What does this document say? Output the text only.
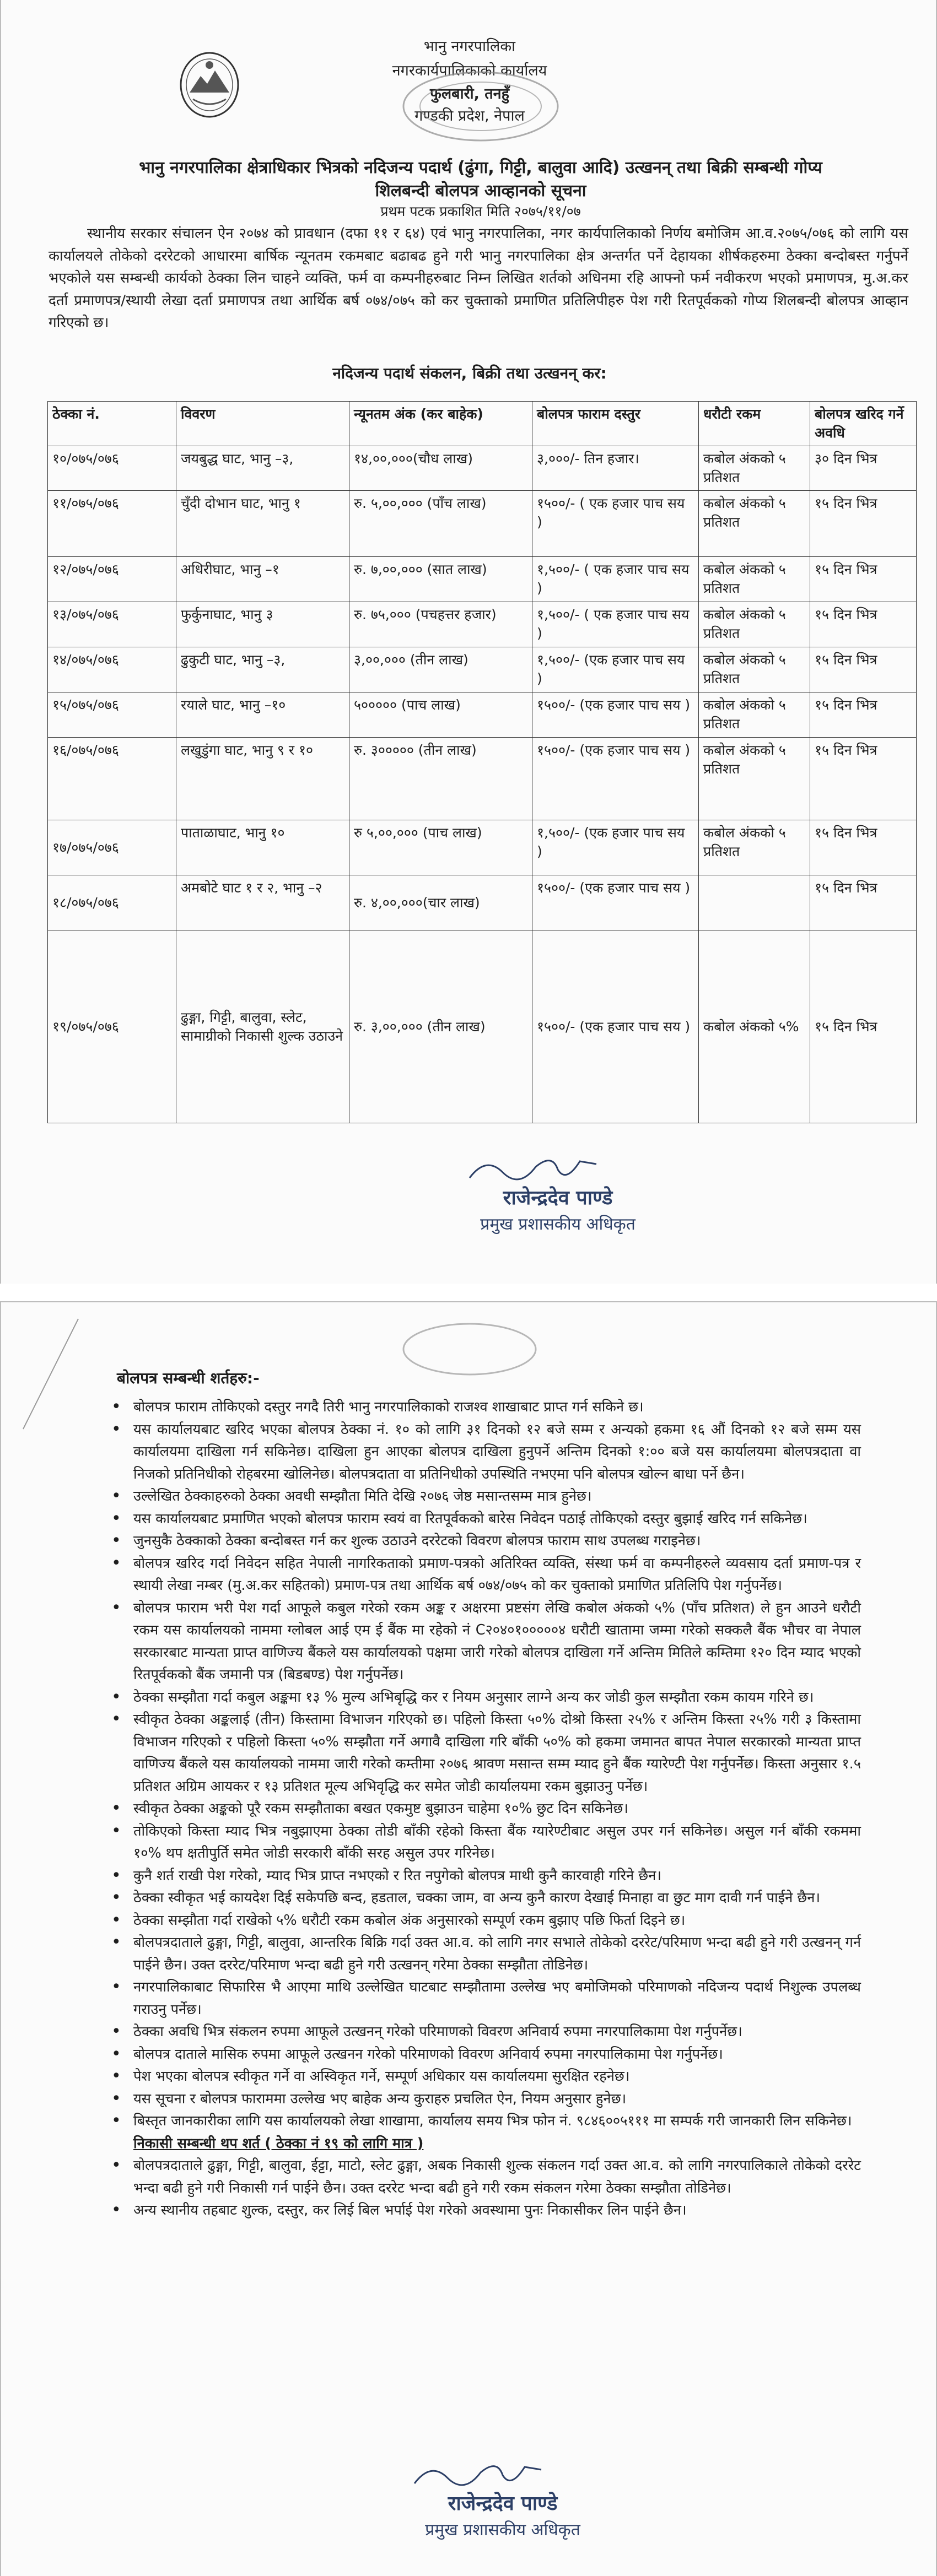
भानु नगरपालिका
नगरकार्यपालिकाको कार्यालय
फुलबारी, तनहुँ
गण्डकी प्रदेश, नेपाल
भानु नगरपालिका क्षेत्राधिकार भित्रको नदिजन्य पदार्थ (ढुंगा, गिट्टी, बालुवा आदि) उत्खनन् तथा बिक्री सम्बन्धी गोप्य
शिलबन्दी बोलपत्र आव्हानको सूचना
प्रथम पटक प्रकाशित मिति २०७५/११/०७

स्थानीय सरकार संचालन ऐन २०७४ को प्रावधान (दफा ११ र ६४) एवं भानु नगरपालिका, नगर कार्यपालिकाको निर्णय बमोजिम आ.व.२०७५/०७६ को लागि यस कार्यालयले तोकेको दररेटको आधारमा बार्षिक न्यूनतम रकमबाट बढाबढ हुने गरी भानु नगरपालिका क्षेत्र अन्तर्गत पर्ने देहायका शीर्षकहरुमा ठेक्का बन्दोबस्त गर्नुपर्ने भएकोले यस सम्बन्धी कार्यको ठेक्का लिन चाहने व्यक्ति, फर्म वा कम्पनीहरुबाट निम्न लिखित शर्तको अधिनमा रहि आफ्नो फर्म नवीकरण भएको प्रमाणपत्र, मु.अ.कर दर्ता प्रमाणपत्र/स्थायी लेखा दर्ता प्रमाणपत्र तथा आर्थिक बर्ष ०७४/०७५ को कर चुक्ताको प्रमाणित प्रतिलिपीहरु पेश गरी रितपूर्वकको गोप्य शिलबन्दी बोलपत्र आव्हान गरिएको छ।

नदिजन्य पदार्थ संकलन, बिक्री तथा उत्खनन् कर:
ठेक्का नं.	विवरण	न्यूनतम अंक (कर बाहेक)	बोलपत्र फाराम दस्तुर	धरौटी रकम	बोलपत्र खरिद गर्ने अवधि
१०/०७५/०७६	जयबुद्ध घाट, भानु –३,	१४,००,०००(चौध लाख)	३,०००/- तिन हजार।	कबोल अंकको ५ प्रतिशत	३० दिन भित्र
११/०७५/०७६	चुँदी दोभान घाट, भानु १	रु. ५,००,००० (पाँच लाख)	१५००/- ( एक हजार पाच सय )	कबोल अंकको ५ प्रतिशत	१५ दिन भित्र
१२/०७५/०७६	अधिरीघाट, भानु –१	रु. ७,००,००० (सात लाख)	१,५००/- ( एक हजार पाच सय )	कबोल अंकको ५ प्रतिशत	१५ दिन भित्र
१३/०७५/०७६	फुर्कुनाघाट, भानु ३	रु. ७५,००० (पचहत्तर हजार)	१,५००/- ( एक हजार पाच सय )	कबोल अंकको ५ प्रतिशत	१५ दिन भित्र
१४/०७५/०७६	ढुकुटी घाट, भानु –३,	३,००,००० (तीन लाख)	१,५००/- (एक हजार पाच सय )	कबोल अंकको ५ प्रतिशत	१५ दिन भित्र
१५/०७५/०७६	रयाले घाट, भानु –१०	५००००० (पाच लाख)	१५००/- (एक हजार पाच सय )	कबोल अंकको ५ प्रतिशत	१५ दिन भित्र
१६/०७५/०७६	लखुडुंगा घाट, भानु ९ र १०	रु. ३००००० (तीन लाख)	१५००/- (एक हजार पाच सय )	कबोल अंकको ५ प्रतिशत	१५ दिन भित्र
१७/०७५/०७६	पाताळाघाट, भानु १०	रु ५,००,००० (पाच लाख)	१,५००/- (एक हजार पाच सय )	कबोल अंकको ५ प्रतिशत	१५ दिन भित्र
१८/०७५/०७६	अमबोटे घाट १ र २, भानु –२	रु. ४,००,०००(चार लाख)	१५००/- (एक हजार पाच सय )		१५ दिन भित्र
१९/०७५/०७६	ढुङ्गा, गिट्टी, बालुवा, स्लेट, सामाग्रीको निकासी शुल्क उठाउने	रु. ३,००,००० (तीन लाख)	१५००/- (एक हजार पाच सय )	कबोल अंकको ५%	१५ दिन भित्र
राजेन्द्रदेव पाण्डे
प्रमुख प्रशासकीय अधिकृत
बोलपत्र सम्बन्धी शर्तहरु:-
• बोलपत्र फाराम तोकिएको दस्तुर नगदै तिरी भानु नगरपालिकाको राजश्व शाखाबाट प्राप्त गर्न सकिने छ।
• यस कार्यालयबाट खरिद भएका बोलपत्र ठेक्का नं. १० को लागि ३१ दिनको १२ बजे सम्म र अन्यको हकमा १६ औं दिनको १२ बजे सम्म यस कार्यालयमा दाखिला गर्न सकिनेछ। दाखिला हुन आएका बोलपत्र दाखिला हुनुपर्ने अन्तिम दिनको १:०० बजे यस कार्यालयमा बोलपत्रदाता वा निजको प्रतिनिधीको रोहबरमा खोलिनेछ। बोलपत्रदाता वा प्रतिनिधीको उपस्थिति नभएमा पनि बोलपत्र खोल्न बाधा पर्ने छैन।
• उल्लेखित ठेक्काहरुको ठेक्का अवधी सम्झौता मिति देखि २०७६ जेष्ठ मसान्तसम्म मात्र हुनेछ।
• यस कार्यालयबाट प्रमाणित भएको बोलपत्र फाराम स्वयं वा रितपूर्वकको बारेस निवेदन पठाई तोकिएको दस्तुर बुझाई खरिद गर्न सकिनेछ।
• जुनसुकै ठेक्काको ठेक्का बन्दोबस्त गर्न कर शुल्क उठाउने दररेटको विवरण बोलपत्र फाराम साथ उपलब्ध गराइनेछ।
• बोलपत्र खरिद गर्दा निवेदन सहित नेपाली नागरिकताको प्रमाण-पत्रको अतिरिक्त व्यक्ति, संस्था फर्म वा कम्पनीहरुले व्यवसाय दर्ता प्रमाण-पत्र र स्थायी लेखा नम्बर (मु.अ.कर सहितको) प्रमाण-पत्र तथा आर्थिक बर्ष ०७४/०७५ को कर चुक्ताको प्रमाणित प्रतिलिपि पेश गर्नुपर्नेछ।
• बोलपत्र फाराम भरी पेश गर्दा आफूले कबुल गरेको रकम अङ्क र अक्षरमा प्रष्टसंग लेखि कबोल अंकको ५% (पाँच प्रतिशत) ले हुन आउने धरौटी रकम यस कार्यालयको नाममा ग्लोबल आई एम ई बैंक मा रहेको नं C२०४०१०००००४ धरौटी खातामा जम्मा गरेको सक्कलै बैंक भौचर वा नेपाल सरकारबाट मान्यता प्राप्त वाणिज्य बैंकले यस कार्यालयको पक्षमा जारी गरेको बोलपत्र दाखिला गर्ने अन्तिम मितिले कम्तिमा १२० दिन म्याद भएको रितपूर्वकको बैंक जमानी पत्र (बिडबण्ड) पेश गर्नुपर्नेछ।
• ठेक्का सम्झौता गर्दा कबुल अङ्कमा १३ % मुल्य अभिबृद्धि कर र नियम अनुसार लाग्ने अन्य कर जोडी कुल सम्झौता रकम कायम गरिने छ।
• स्वीकृत ठेक्का अङ्कलाई (तीन) किस्तामा विभाजन गरिएको छ। पहिलो किस्ता ५०% दोश्रो किस्ता २५% र अन्तिम किस्ता २५% गरी ३ किस्तामा विभाजन गरिएको र पहिलो किस्ता ५०% सम्झौता गर्ने अगावै दाखिला गरि बाँकी ५०% को हकमा जमानत बापत नेपाल सरकारको मान्यता प्राप्त वाणिज्य बैंकले यस कार्यालयको नाममा जारी गरेको कम्तीमा २०७६ श्रावण मसान्त सम्म म्याद हुने बैंक ग्यारेण्टी पेश गर्नुपर्नेछ। किस्ता अनुसार १.५ प्रतिशत अग्रिम आयकर र १३ प्रतिशत मूल्य अभिवृद्धि कर समेत जोडी कार्यालयमा रकम बुझाउनु पर्नेछ।
• स्वीकृत ठेक्का अङ्कको पूरै रकम सम्झौताका बखत एकमुष्ट बुझाउन चाहेमा १०% छुट दिन सकिनेछ।
• तोकिएको किस्ता म्याद भित्र नबुझाएमा ठेक्का तोडी बाँकी रहेको किस्ता बैंक ग्यारेण्टीबाट असुल उपर गर्न सकिनेछ। असुल गर्न बाँकी रकममा १०% थप क्षतीपुर्ति समेत जोडी सरकारी बाँकी सरह असुल उपर गरिनेछ।
• कुनै शर्त राखी पेश गरेको, म्याद भित्र प्राप्त नभएको र रित नपुगेको बोलपत्र माथी कुनै कारवाही गरिने छैन।
• ठेक्का स्वीकृत भई कायदेश दिई सकेपछि बन्द, हडताल, चक्का जाम, वा अन्य कुनै कारण देखाई मिनाहा वा छुट माग दावी गर्न पाईने छैन।
• ठेक्का सम्झौता गर्दा राखेको ५% धरौटी रकम कबोल अंक अनुसारको सम्पूर्ण रकम बुझाए पछि फिर्ता दिइने छ।
• बोलपत्रदाताले ढुङ्गा, गिट्टी, बालुवा, आन्तरिक बिक्रि गर्दा उक्त आ.व. को लागि नगर सभाले तोकेको दररेट/परिमाण भन्दा बढी हुने गरी उत्खनन् गर्न पाईने छैन। उक्त दररेट/परिमाण भन्दा बढी हुने गरी उत्खनन् गरेमा ठेक्का सम्झौता तोडिनेछ।
• नगरपालिकाबाट सिफारिस भै आएमा माथि उल्लेखित घाटबाट सम्झौतामा उल्लेख भए बमोजिमको परिमाणको नदिजन्य पदार्थ निशुल्क उपलब्ध गराउनु पर्नेछ।
• ठेक्का अवधि भित्र संकलन रुपमा आफूले उत्खनन् गरेको परिमाणको विवरण अनिवार्य रुपमा नगरपालिकामा पेश गर्नुपर्नेछ।
• बोलपत्र दाताले मासिक रुपमा आफूले उत्खनन गरेको परिमाणको विवरण अनिवार्य रुपमा नगरपालिकामा पेश गर्नुपर्नेछ।
• पेश भएका बोलपत्र स्वीकृत गर्ने वा अस्विकृत गर्ने, सम्पूर्ण अधिकार यस कार्यालयमा सुरक्षित रहनेछ।
• यस सूचना र बोलपत्र फाराममा उल्लेख भए बाहेक अन्य कुराहरु प्रचलित ऐन, नियम अनुसार हुनेछ।
• बिस्तृत जानकारीका लागि यस कार्यालयको लेखा शाखामा, कार्यालय समय भित्र फोन नं. ९८४६००५१११ मा सम्पर्क गरी जानकारी लिन सकिनेछ।
निकासी सम्बन्धी थप शर्त ( ठेक्का नं १९ को लागि मात्र )
• बोलपत्रदाताले ढुङ्गा, गिट्टी, बालुवा, ईट्टा, माटो, स्लेट ढुङ्गा, अबक निकासी शुल्क संकलन गर्दा उक्त आ.व. को लागि नगरपालिकाले तोकेको दररेट भन्दा बढी हुने गरी निकासी गर्न पाईने छैन। उक्त दररेट भन्दा बढी हुने गरी रकम संकलन गरेमा ठेक्का सम्झौता तोडिनेछ।
• अन्य स्थानीय तहबाट शुल्क, दस्तुर, कर लिई बिल भर्पाई पेश गरेको अवस्थामा पुनः निकासीकर लिन पाईने छैन।
राजेन्द्रदेव पाण्डे
प्रमुख प्रशासकीय अधिकृत
